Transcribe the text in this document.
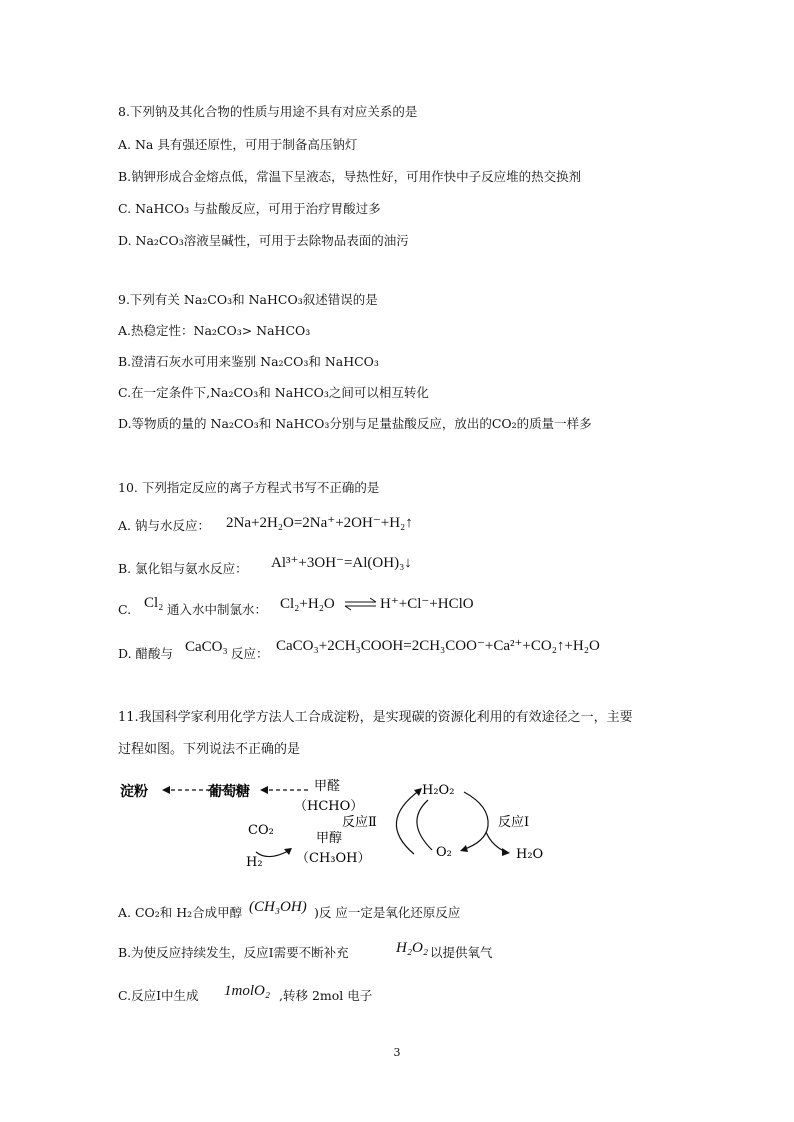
8.下列钠及其化合物的性质与用途不具有对应关系的是
A. Na 具有强还原性，可用于制备高压钠灯
B.钠钾形成合金熔点低，常温下呈液态，导热性好，可用作快中子反应堆的热交换剂
C. NaHCO₃ 与盐酸反应，可用于治疗胃酸过多
D. Na₂CO₃溶液呈碱性，可用于去除物品表面的油污
9.下列有关 Na₂CO₃和 NaHCO₃叙述错误的是
A.热稳定性：Na₂CO₃> NaHCO₃
B.澄清石灰水可用来鉴别 Na₂CO₃和 NaHCO₃
C.在一定条件下,Na₂CO₃和 NaHCO₃之间可以相互转化
D.等物质的量的 Na₂CO₃和 NaHCO₃分别与足量盐酸反应，放出的CO₂的质量一样多
10. 下列指定反应的离子方程式书写不正确的是
A. 钠与水反应： 2Na+2H₂O=2Na⁺+2OH⁻+H₂↑
B. 氯化铝与氨水反应： Al³⁺+3OH⁻=Al(OH)₃↓
C. Cl₂ 通入水中制氯水： Cl₂+H₂O ⇌ H⁺+Cl⁻+HClO
D. 醋酸与 CaCO₃ 反应： CaCO₃+2CH₃COOH=2CH₃COO⁻+Ca²⁺+CO₂↑+H₂O
11.我国科学家利用化学方法人工合成淀粉，是实现碳的资源化利用的有效途径之一，主要
过程如图。下列说法不正确的是
淀粉	葡萄糖	甲醛
（HCHO）
CO₂
H₂
甲醇
（CH₃OH）
反应Ⅱ
H₂O₂
O₂
反应Ⅰ
H₂O
A. CO₂和 H₂合成甲醇 (CH₃OH) )反 应一定是氧化还原反应
B.为使反应持续发生，反应Ⅰ需要不断补充	H₂O₂ 以提供氧气
C.反应Ⅰ中生成 1molO₂ ,转移 2mol 电子
3
